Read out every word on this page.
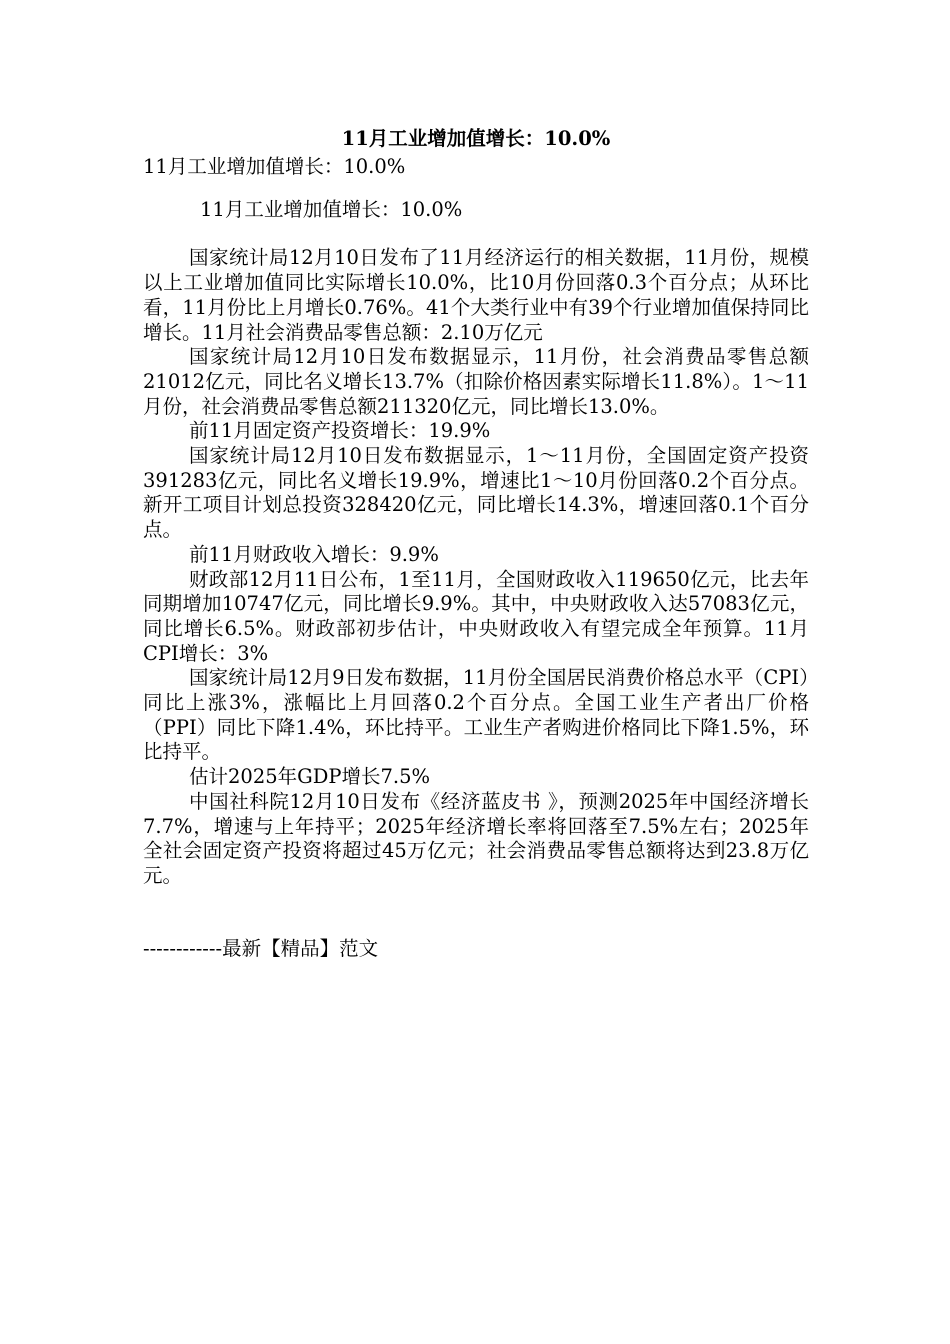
11月工业增加值增长：10.0%

11月工业增加值增长：10.0%

11月工业增加值增长：10.0%

国家统计局12月10日发布了11月经济运行的相关数据，11月份，规模以上工业增加值同比实际增长10.0%，比10月份回落0.3个百分点；从环比看，11月份比上月增长0.76%。41个大类行业中有39个行业增加值保持同比增长。11月社会消费品零售总额：2.10万亿元

国家统计局12月10日发布数据显示，11月份，社会消费品零售总额21012亿元，同比名义增长13.7%（扣除价格因素实际增长11.8%）。1～11月份，社会消费品零售总额211320亿元，同比增长13.0%。

前11月固定资产投资增长：19.9%

国家统计局12月10日发布数据显示，1～11月份，全国固定资产投资391283亿元，同比名义增长19.9%，增速比1～10月份回落0.2个百分点。新开工项目计划总投资328420亿元，同比增长14.3%，增速回落0.1个百分点。

前11月财政收入增长：9.9%

财政部12月11日公布，1至11月，全国财政收入119650亿元，比去年同期增加10747亿元，同比增长9.9%。其中，中央财政收入达57083亿元，同比增长6.5%。财政部初步估计，中央财政收入有望完成全年预算。11月CPI增长：3%

国家统计局12月9日发布数据，11月份全国居民消费价格总水平（CPI）同比上涨3%，涨幅比上月回落0.2个百分点。全国工业生产者出厂价格（PPI）同比下降1.4%，环比持平。工业生产者购进价格同比下降1.5%，环比持平。

估计2025年GDP增长7.5%

中国社科院12月10日发布《经济蓝皮书 》，预测2025年中国经济增长7.7%，增速与上年持平；2025年经济增长率将回落至7.5%左右；2025年全社会固定资产投资将超过45万亿元；社会消费品零售总额将达到23.8万亿元。

------------最新【精品】范文
